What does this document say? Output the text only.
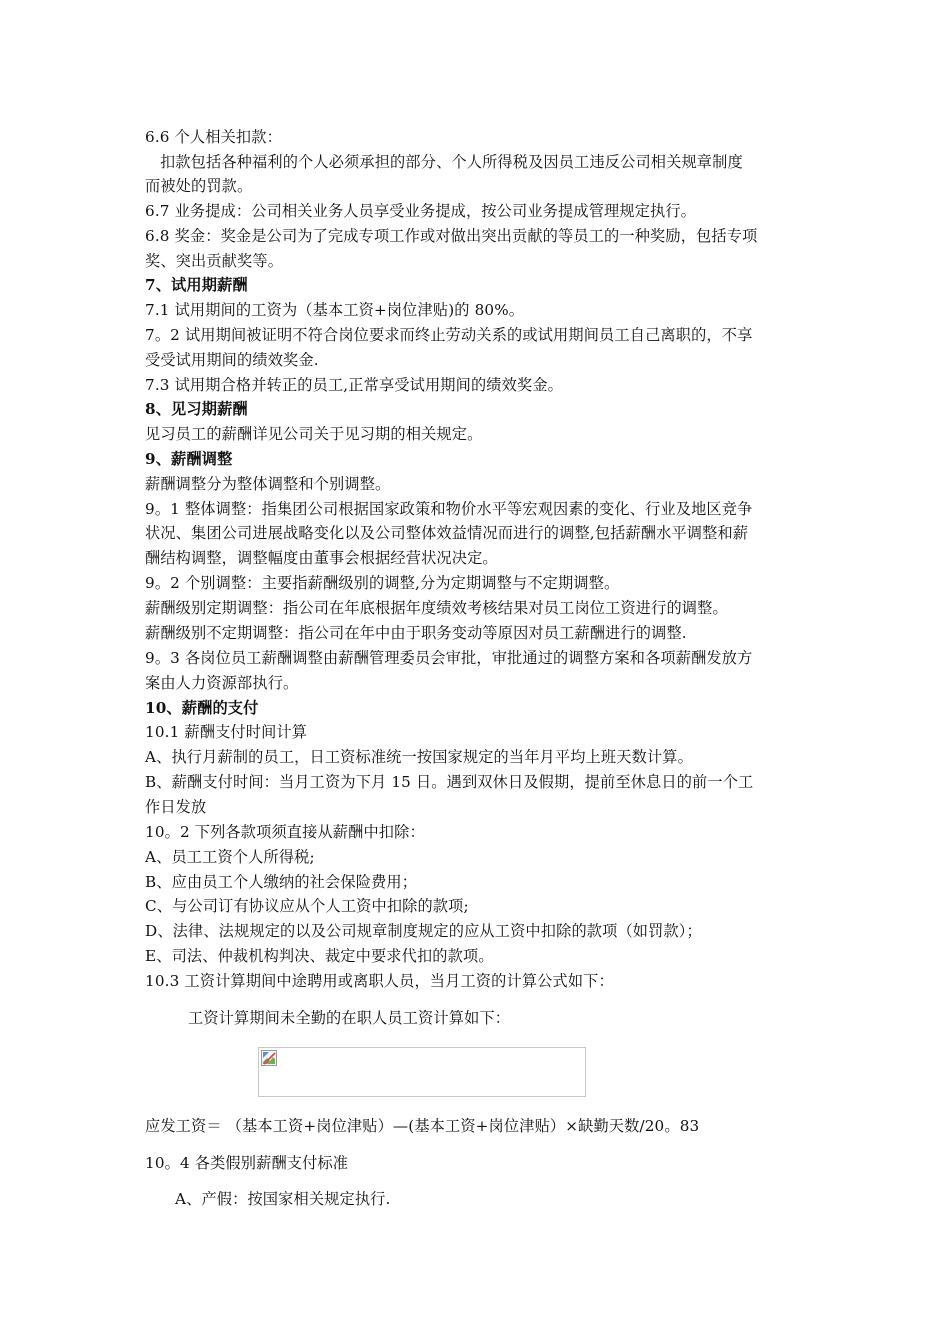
6.6 个人相关扣款：
扣款包括各种福利的个人必须承担的部分、个人所得税及因员工违反公司相关规章制度
而被处的罚款。
6.7 业务提成：公司相关业务人员享受业务提成，按公司业务提成管理规定执行。
6.8 奖金：奖金是公司为了完成专项工作或对做出突出贡献的等员工的一种奖励，包括专项
奖、突出贡献奖等。
7、试用期薪酬
7.1 试用期间的工资为（基本工资+岗位津贴)的 80%。
7。2 试用期间被证明不符合岗位要求而终止劳动关系的或试用期间员工自己离职的，不享
受受试用期间的绩效奖金.
7.3 试用期合格并转正的员工,正常享受试用期间的绩效奖金。
8、见习期薪酬
见习员工的薪酬详见公司关于见习期的相关规定。
9、薪酬调整
薪酬调整分为整体调整和个别调整。
9。1 整体调整：指集团公司根据国家政策和物价水平等宏观因素的变化、行业及地区竞争
状况、集团公司进展战略变化以及公司整体效益情况而进行的调整,包括薪酬水平调整和薪
酬结构调整，调整幅度由董事会根据经营状况决定。
9。2 个别调整：主要指薪酬级别的调整,分为定期调整与不定期调整。
薪酬级别定期调整：指公司在年底根据年度绩效考核结果对员工岗位工资进行的调整。
薪酬级别不定期调整：指公司在年中由于职务变动等原因对员工薪酬进行的调整.
9。3 各岗位员工薪酬调整由薪酬管理委员会审批，审批通过的调整方案和各项薪酬发放方
案由人力资源部执行。
10、薪酬的支付
10.1 薪酬支付时间计算
A、执行月薪制的员工，日工资标准统一按国家规定的当年月平均上班天数计算。
B、薪酬支付时间：当月工资为下月 15 日。遇到双休日及假期，提前至休息日的前一个工
作日发放
10。2 下列各款项须直接从薪酬中扣除：
A、员工工资个人所得税;
B、应由员工个人缴纳的社会保险费用；
C、与公司订有协议应从个人工资中扣除的款项;
D、法律、法规规定的以及公司规章制度规定的应从工资中扣除的款项（如罚款）；
E、司法、仲裁机构判决、裁定中要求代扣的款项。
10.3 工资计算期间中途聘用或离职人员，当月工资的计算公式如下：
工资计算期间未全勤的在职人员工资计算如下：
应发工资＝ （基本工资+岗位津贴）—(基本工资+岗位津贴）×缺勤天数/20。83
10。4 各类假别薪酬支付标准
A、产假：按国家相关规定执行.
